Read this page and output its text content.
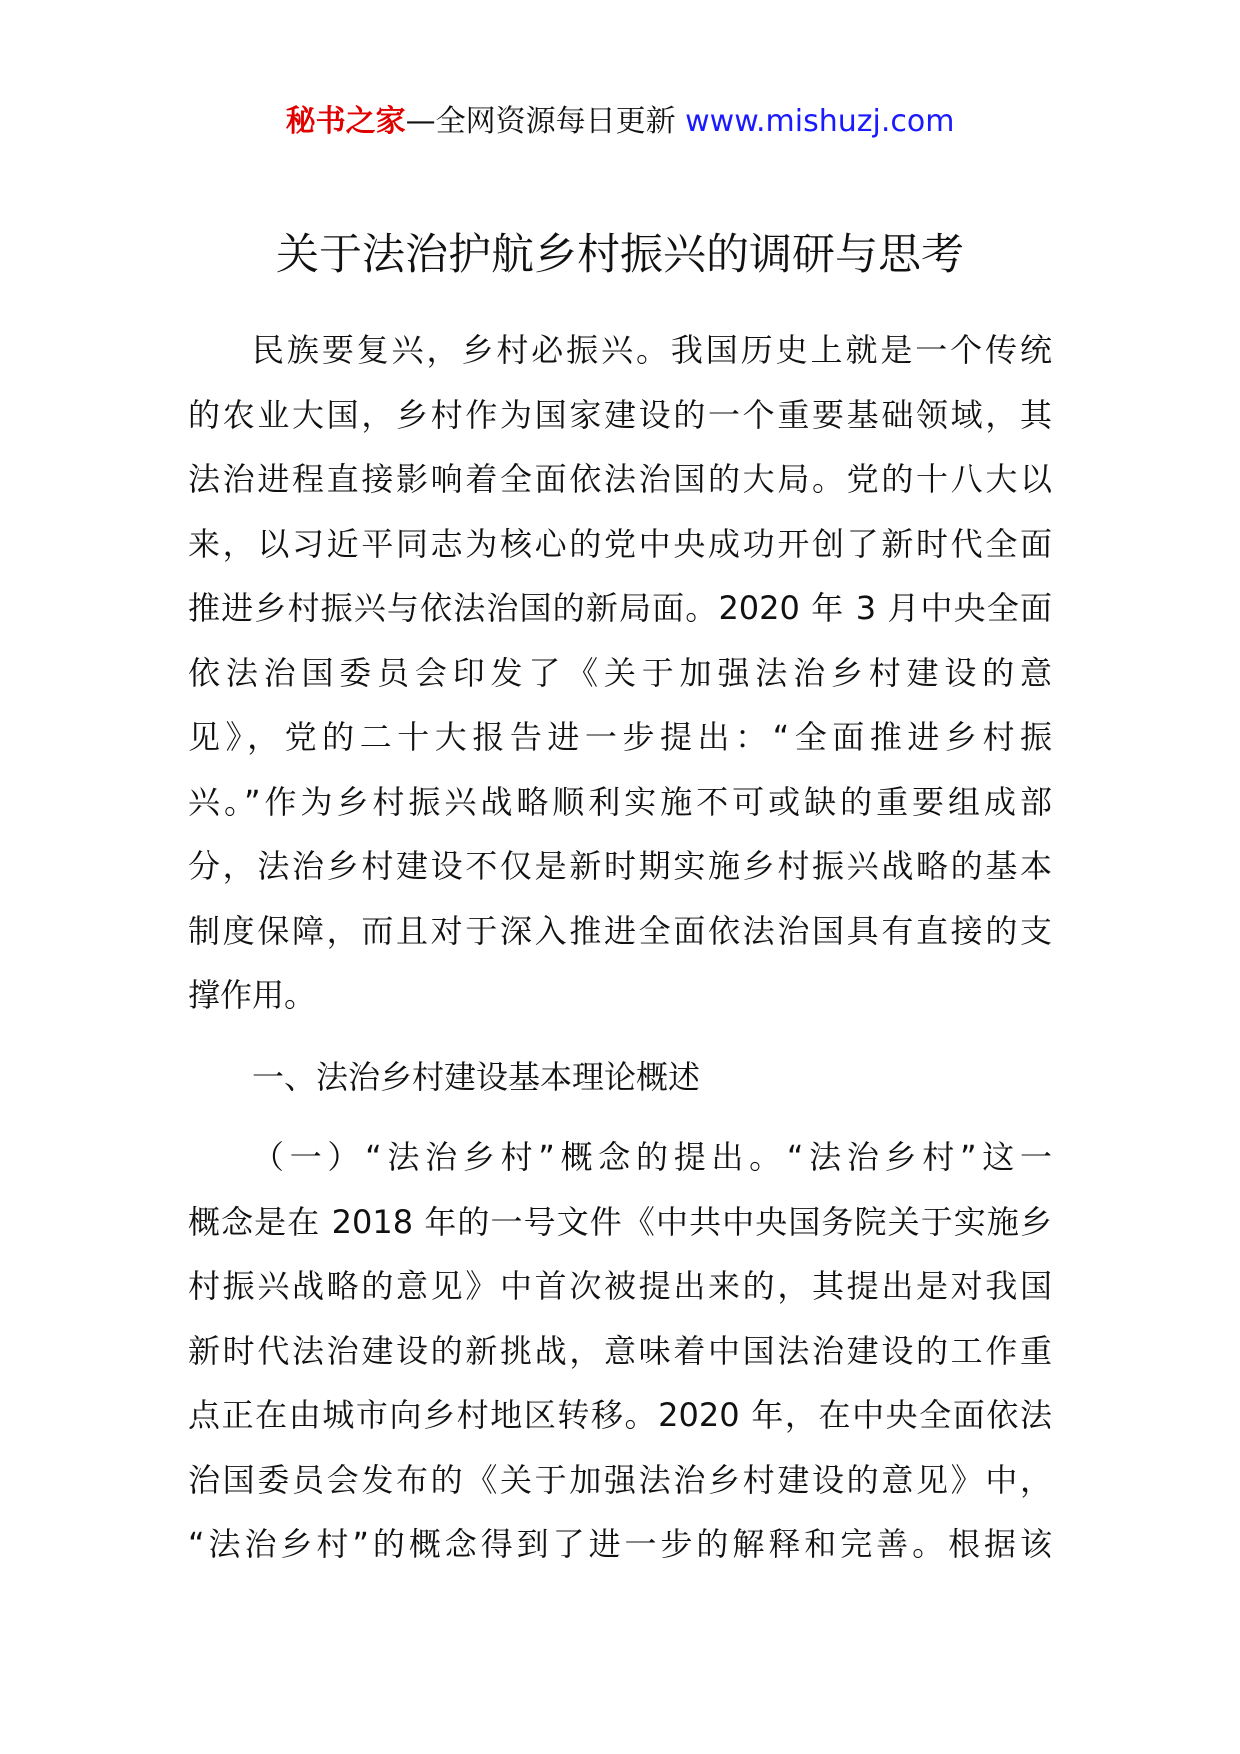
秘书之家—全网资源每日更新 www.mishuzj.com
关于法治护航乡村振兴的调研与思考
民族要复兴，乡村必振兴。我国历史上就是一个传统
的农业大国，乡村作为国家建设的一个重要基础领域，其
法治进程直接影响着全面依法治国的大局。党的十八大以
来，以习近平同志为核心的党中央成功开创了新时代全面
推进乡村振兴与依法治国的新局面。2020 年 3 月中央全面
依法治国委员会印发了《关于加强法治乡村建设的意
见》，党的二十大报告进一步提出：“全面推进乡村振
兴。”作为乡村振兴战略顺利实施不可或缺的重要组成部
分，法治乡村建设不仅是新时期实施乡村振兴战略的基本
制度保障，而且对于深入推进全面依法治国具有直接的支
撑作用。
一、法治乡村建设基本理论概述
（一）“法治乡村”概念的提出。“法治乡村”这一
概念是在 2018 年的一号文件《中共中央国务院关于实施乡
村振兴战略的意见》中首次被提出来的，其提出是对我国
新时代法治建设的新挑战，意味着中国法治建设的工作重
点正在由城市向乡村地区转移。2020 年，在中央全面依法
治国委员会发布的《关于加强法治乡村建设的意见》中，
“法治乡村”的概念得到了进一步的解释和完善。根据该
